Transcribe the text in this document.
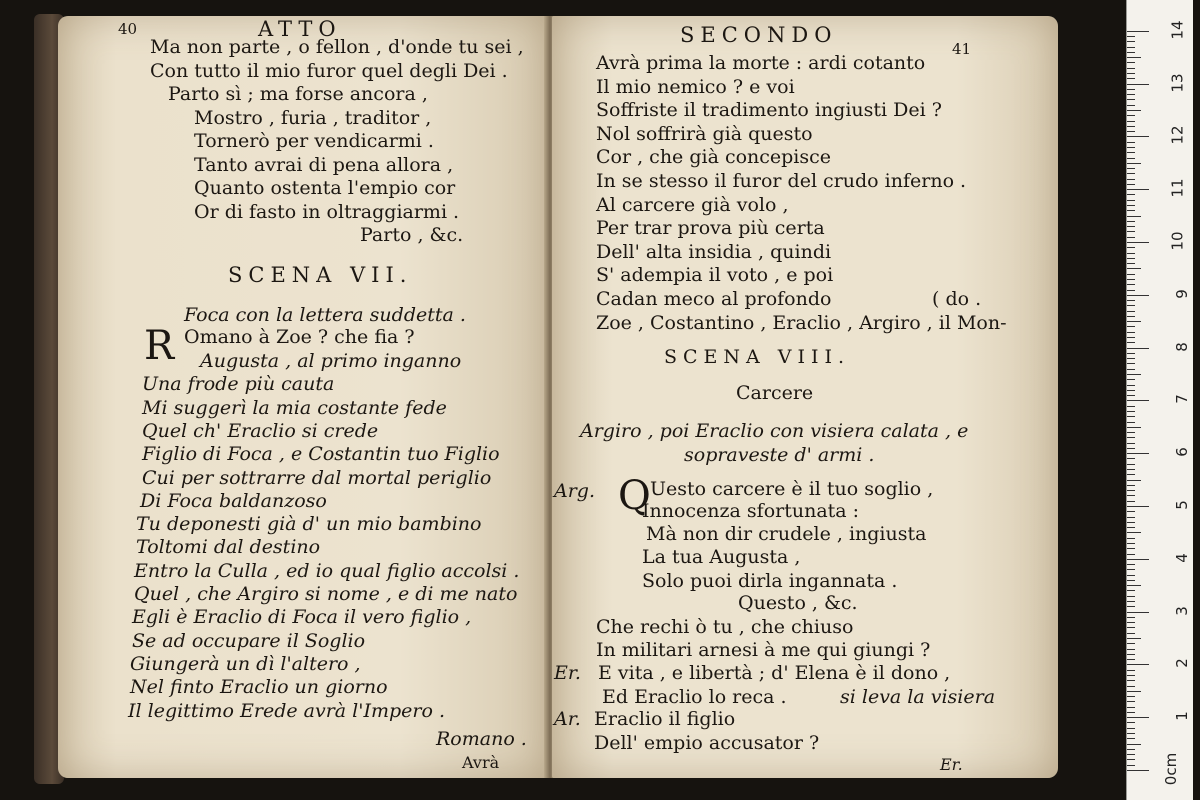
40	ATTO
Ma non parte , o fellon , d'onde tu sei ,
Con tutto il mio furor quel degli Dei .
Parto sì ; ma forse ancora ,
Mostro , furia , traditor ,
Tornerò per vendicarmi .
Tanto avrai di pena allora ,
Quanto ostenta l'empio cor
Or di fasto in oltraggiarmi .
Parto , &c.
SCENA VII.
Foca con la lettera suddetta .
R Omano à Zoe ? che fia ?
Augusta , al primo inganno
Una frode più cauta
Mi suggerì la mia costante fede
Quel ch' Eraclio si crede
Figlio di Foca , e Costantin tuo Figlio
Cui per sottrarre dal mortal periglio
Di Foca baldanzoso
Tu deponesti già d' un mio bambino
Toltomi dal destino
Entro la Culla , ed io qual figlio accolsi .
Quel , che Argiro si nome , e di me nato
Egli è Eraclio di Foca il vero figlio ,
Se ad occupare il Soglio
Giungerà un dì l'altero ,
Nel finto Eraclio un giorno
Il legittimo Erede avrà l'Impero .
Romano .
Avrà
SECONDO
41
Avrà prima la morte : ardi cotanto
Il mio nemico ? e voi
Soffriste il tradimento ingiusti Dei ?
Nol soffrirà già questo
Cor , che già concepisce
In se stesso il furor del crudo inferno .
Al carcere già volo ,
Per trar prova più certa
Dell' alta insidia , quindi
S' adempia il voto , e poi
Cadan meco al profondo
Zoe , Costantino , Eraclio , Argiro , il Mon-
( do .
SCENA VIII.
Carcere
Argiro , poi Eraclio con visiera calata , e
sopraveste d' armi .
Arg. Q Uesto carcere è il tuo soglio ,
Innocenza sfortunata :
Mà non dir crudele , ingiusta
La tua Augusta ,
Solo puoi dirla ingannata .
Questo , &c.
Che rechi ò tu , che chiuso
In militari arnesi à me qui giungi ?
Er. E vita , e libertà ; d' Elena è il dono ,
Ed Eraclio lo reca .	si leva la visiera
Ar. Eraclio il figlio
Dell' empio accusator ?
Er.	0cm
1
2
3
4
5
6
7
8
9
10
11
12
13
14
